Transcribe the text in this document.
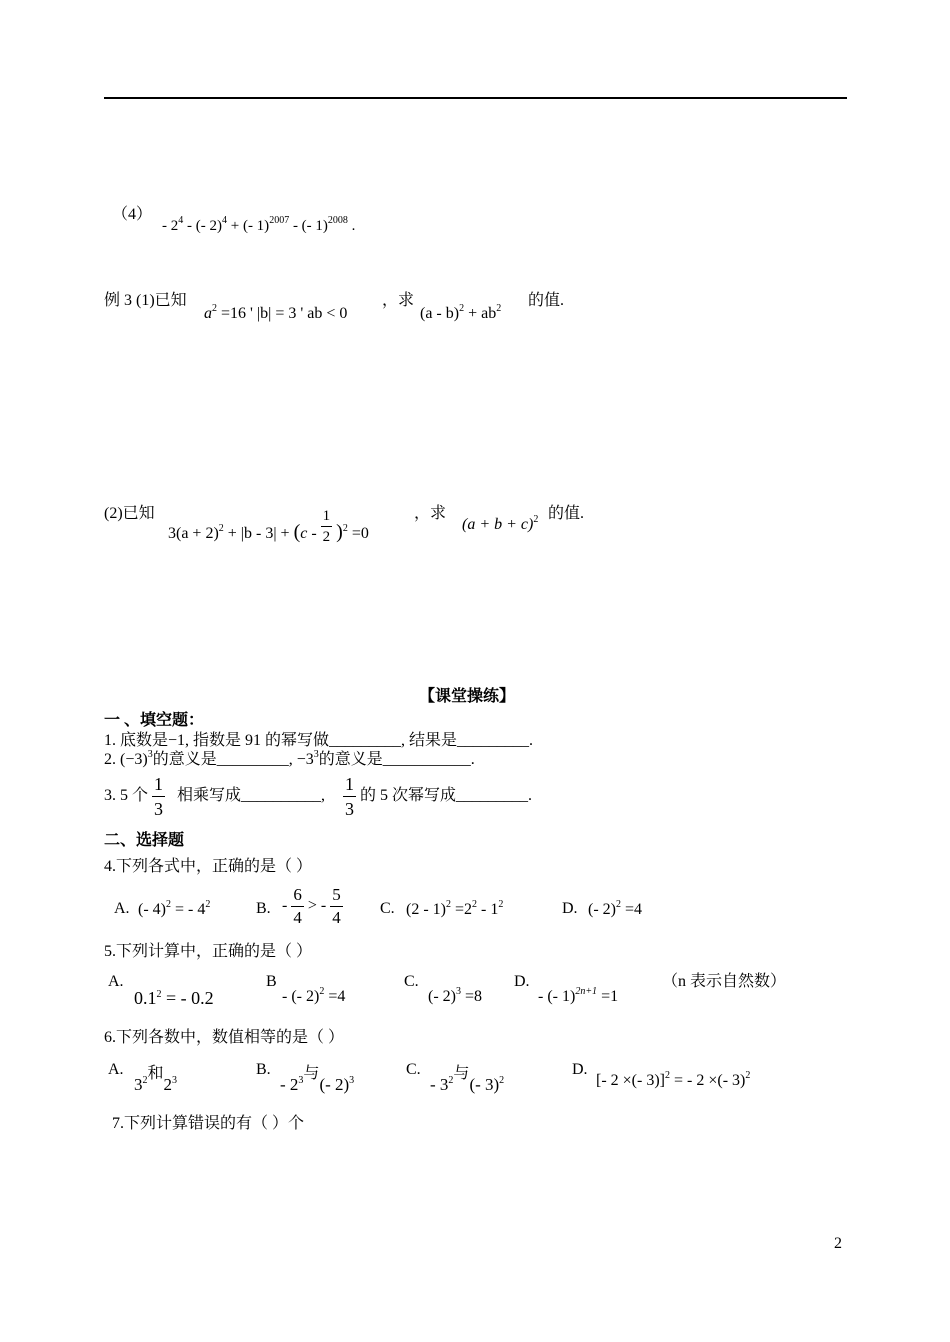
（4）
- $2^4$ - (- 2)$^4$ + (- 1)$^{2007}$ - (- 1)$^{2008}$ .
例 3 (1)已知
$a^2 =16$ ' |b| = 3 ' ab < 0
，求
$(a - b)^2 + ab^2$ 的值.
(2)已知
$3(a + 2)^2 + |b - 3| + (c - \frac{1}{2} )^2 =0$
，求
$(a + b + c)^2$ 的值.
【课堂操练】
一 、填空题：
1. 底数是−1, 指数是 91 的幂写做_________, 结果是_________.
2. $(-3)^3$的意义是_________, $-3^3$的意义是___________.
3. 5 个 $\frac{1}{3}$ 相乘写成__________, $\frac{1}{3}$ 的 5 次幂写成_________.
二、选择题
4.下列各式中，正确的是（ ）
A. (- 4)$^2$ = - $4^2$	B. - $\frac{6}{4}$ > - $\frac{5}{4} C$. $(2 - 1)^2 =2^2 - 1^2$	D. (- 2)$^2$ =4
5.下列计算中，正确的是（ ）
A.
$0.1^2$ = - 0.2
B
- (- 2)$^2$ =4
C.
(- 2)$^3$ =8
D.
- (- 1)$^{2n+1}$ =1
（n 表示自然数）
6.下列各数中，数值相等的是（ ）
A.
$3^2$和$2^3$
B.
- $2^3$与(- 2)$^3$
C.
- $3^2$与(- 3)$^2$
D.
[- 2 ×(- 3)]$^2$ = - 2 ×(- 3)$^2$
7.下列计算错误的有（ ）个
2
